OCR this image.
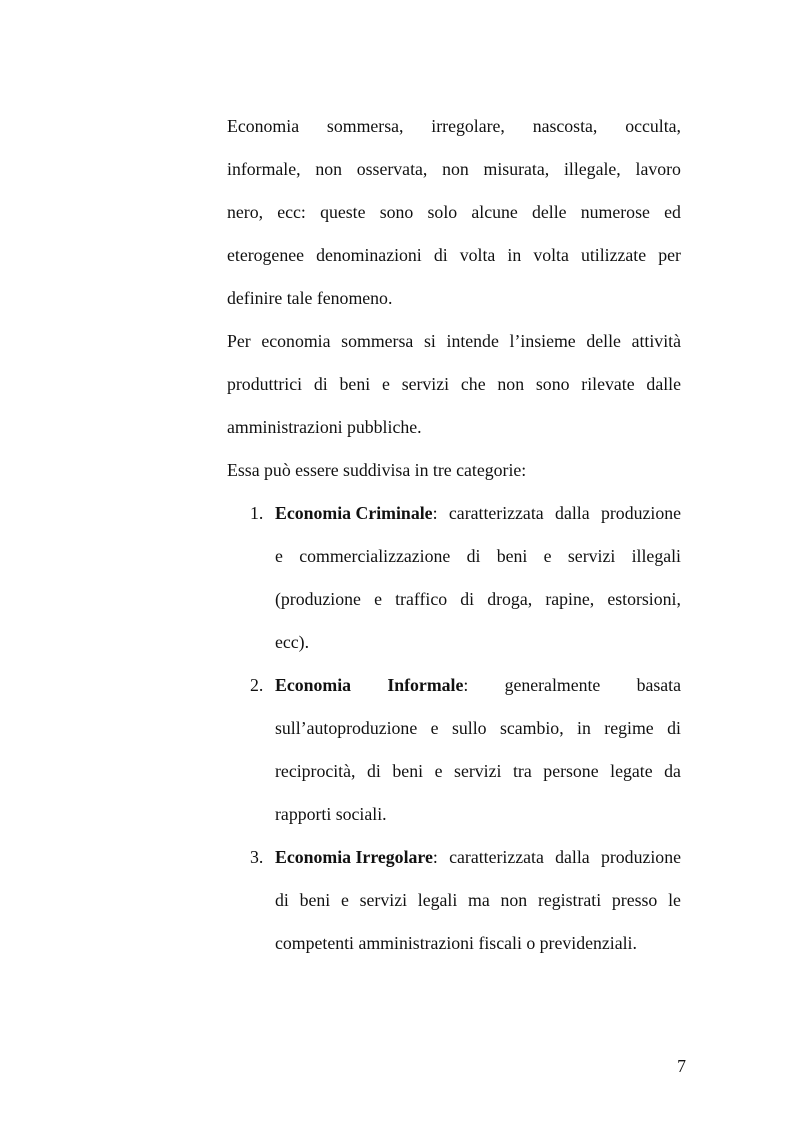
Economia sommersa, irregolare, nascosta, occulta,
informale, non osservata, non misurata, illegale, lavoro
nero, ecc: queste sono solo alcune delle numerose ed
eterogenee denominazioni di volta in volta utilizzate per
definire tale fenomeno.
Per economia sommersa si intende l’insieme delle attività
produttrici di beni e servizi che non sono rilevate dalle
amministrazioni pubbliche.
Essa può essere suddivisa in tre categorie:
1. Economia Criminale: caratterizzata dalla produzione
e commercializzazione di beni e servizi illegali
(produzione e traffico di droga, rapine, estorsioni,
ecc).
2. Economia Informale: generalmente basata
sull’autoproduzione e sullo scambio, in regime di
reciprocità, di beni e servizi tra persone legate da
rapporti sociali.
3. Economia Irregolare: caratterizzata dalla produzione
di beni e servizi legali ma non registrati presso le
competenti amministrazioni fiscali o previdenziali.
7
